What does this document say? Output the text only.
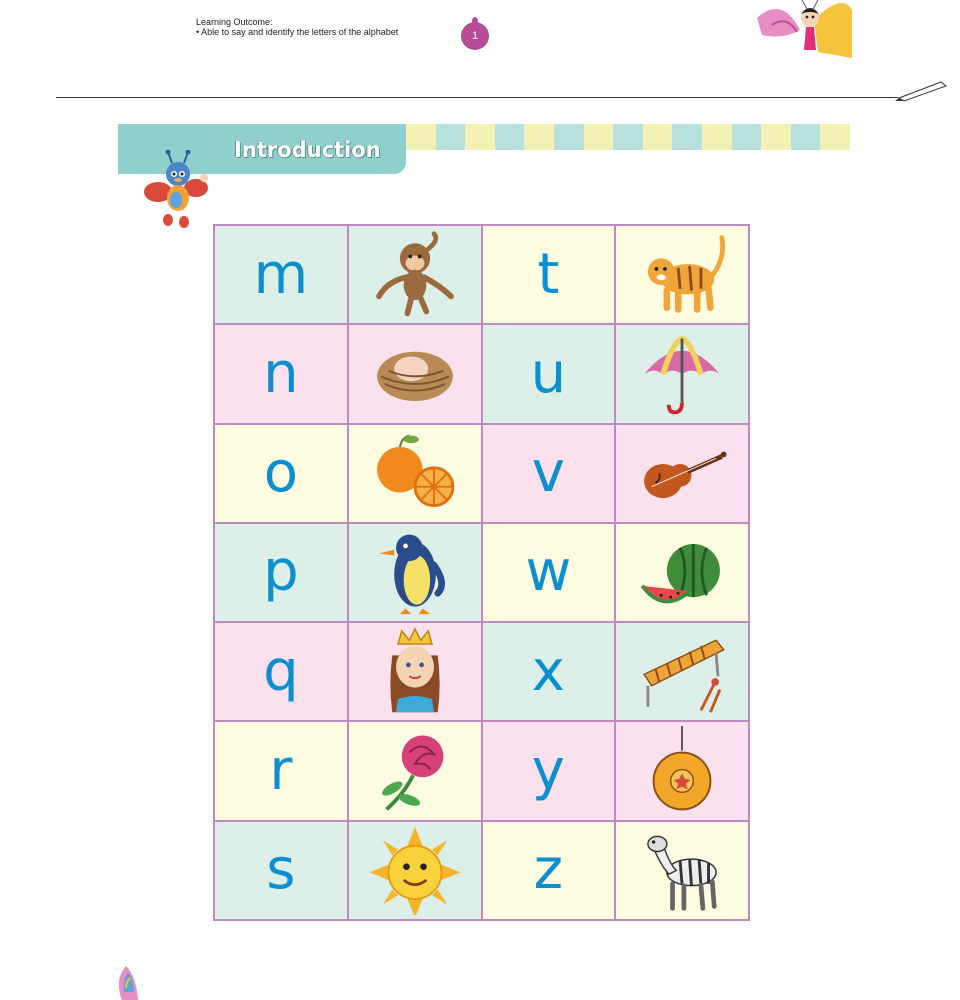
Learning Outcome:
• Able to say and identify the letters of the alphabet	1
Introduction
m	t
n	u
o	v
p	w
q	x
r	y
s	z
